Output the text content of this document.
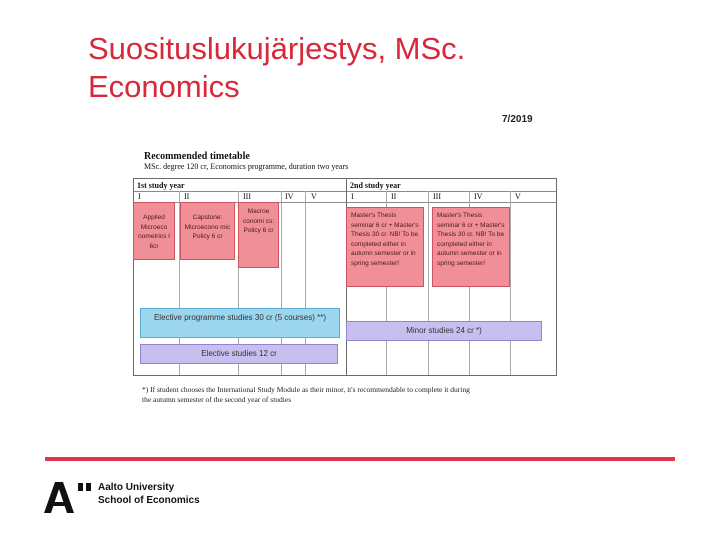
Suosituslukujärjestys, MSc.
Economics
7/2019
Recommended timetable
MSc. degree 120 cr, Economics programme, duration two years
1st study year	2nd study year
I	II	III	IV V	I	II	III	IV	V
Applied Microeco nometrics I 6cr
Capstone: Microecono mic Policy 6 cr
Macroe conomi cs: Policy 6 cr
Master's Thesis seminar 6 cr + Master's Thesis 30 cr. NB! To be completed either in autumn semester or in spring semester!
Master's Thesis seminar 6 cr + Master's Thesis 30 cr. NB! To be completed either in autumn semester or in spring semester!
Elective programme studies 30 cr (5 courses) **)
Minor studies 24 cr *)
Elective studies 12 cr
*) If student chooses the International Study Module as their minor, it's recommendable to complete it during
the autumn semester of the second year of studies
Aalto University
School of Economics
